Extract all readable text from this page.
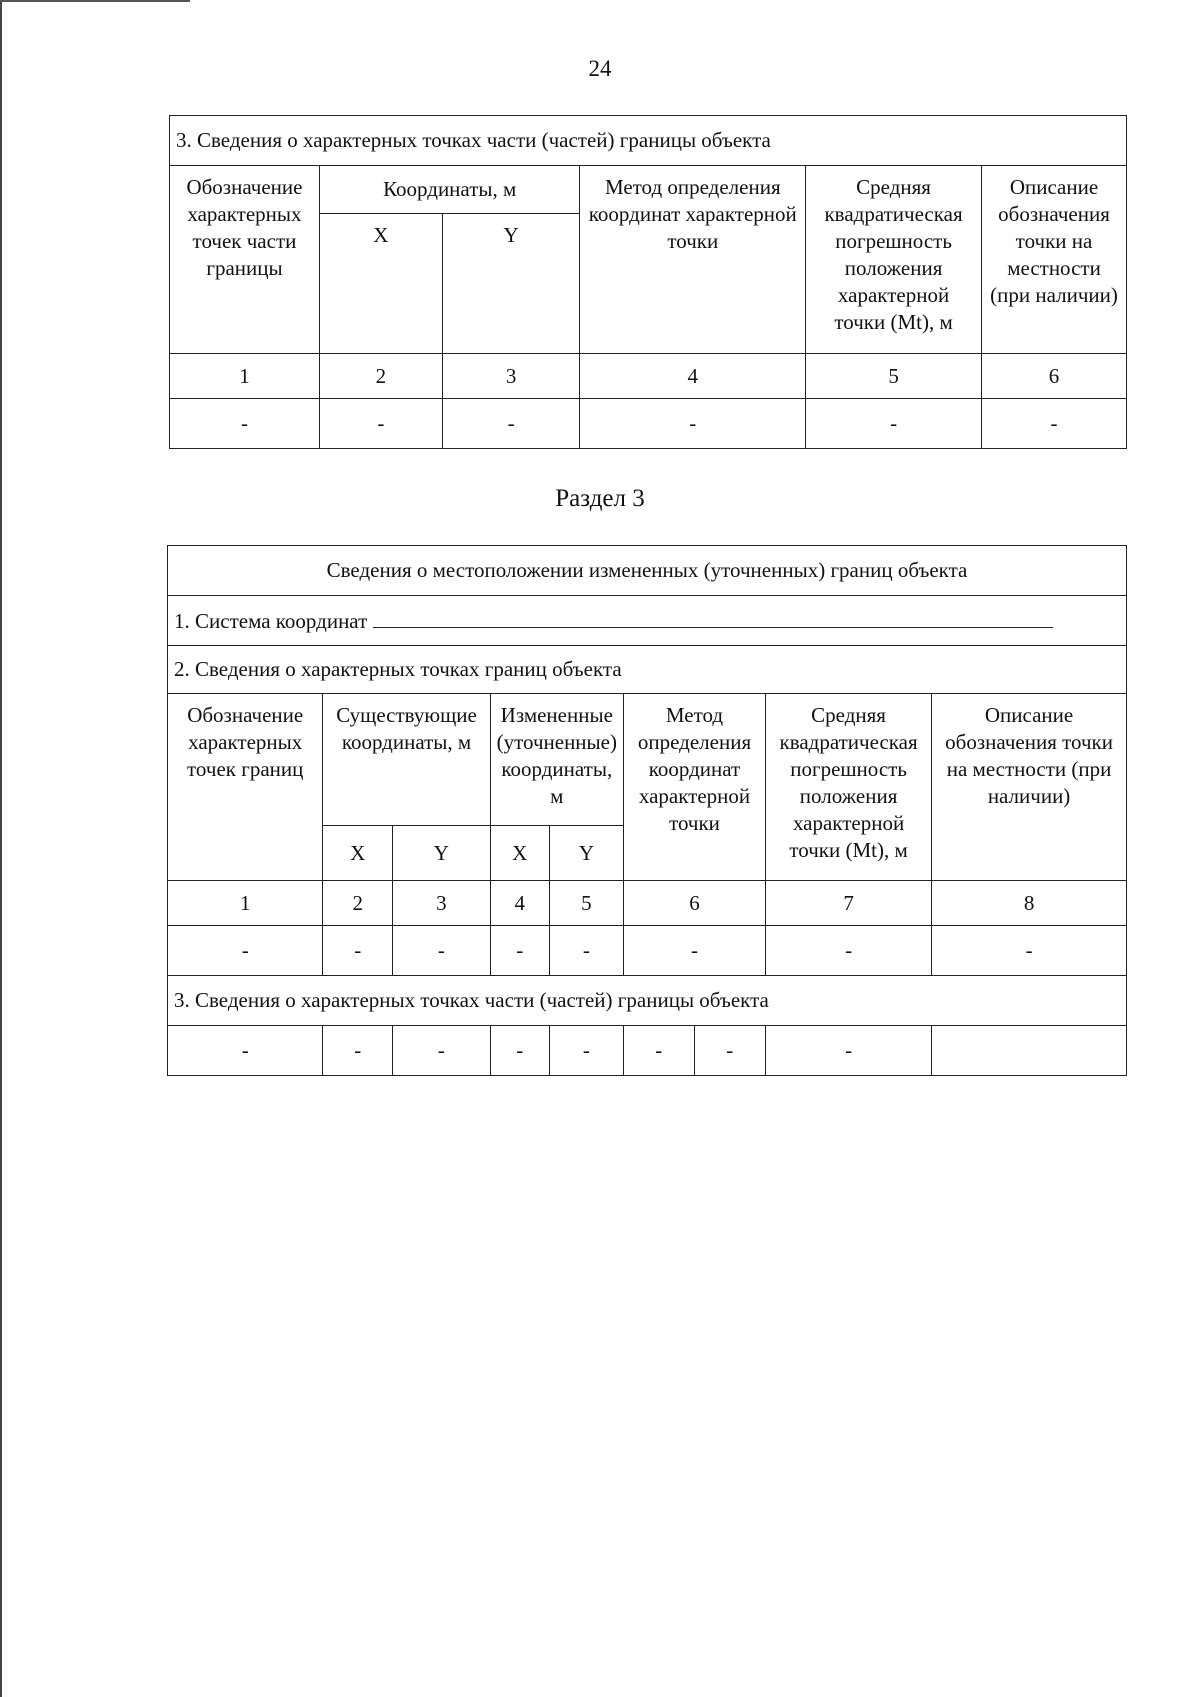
24
3. Сведения о характерных точках части (частей) границы объекта					
Обозначение характерных точек части границы	Координаты, м		Метод определения координат характерной точки	Средняя квадратическая погрешность положения характерной точки (Mt), м	Описание обозначения точки на местности (при наличии)
	X	Y			
1	2	3	4	5	6
-	-	-	-	-	-
Раздел 3
Сведения о местоположении измененных (уточненных) границ объекта								
1. Система координат								
2. Сведения о характерных точках границ объекта								
Обозначение характерных точек границ	Существующие координаты, м		Измененные (уточненные) координаты, м		Метод определения координат характерной точки		Средняя квадратическая погрешность положения характерной точки (Mt), м	Описание обозначения точки на местности (при наличии)
	X	Y	X	Y				
1	2	3	4	5	6		7	8
-	-	-	-	-	-		-	-
3. Сведения о характерных точках части (частей) границы объекта								
-	-	-	-	-	-	-	-	
